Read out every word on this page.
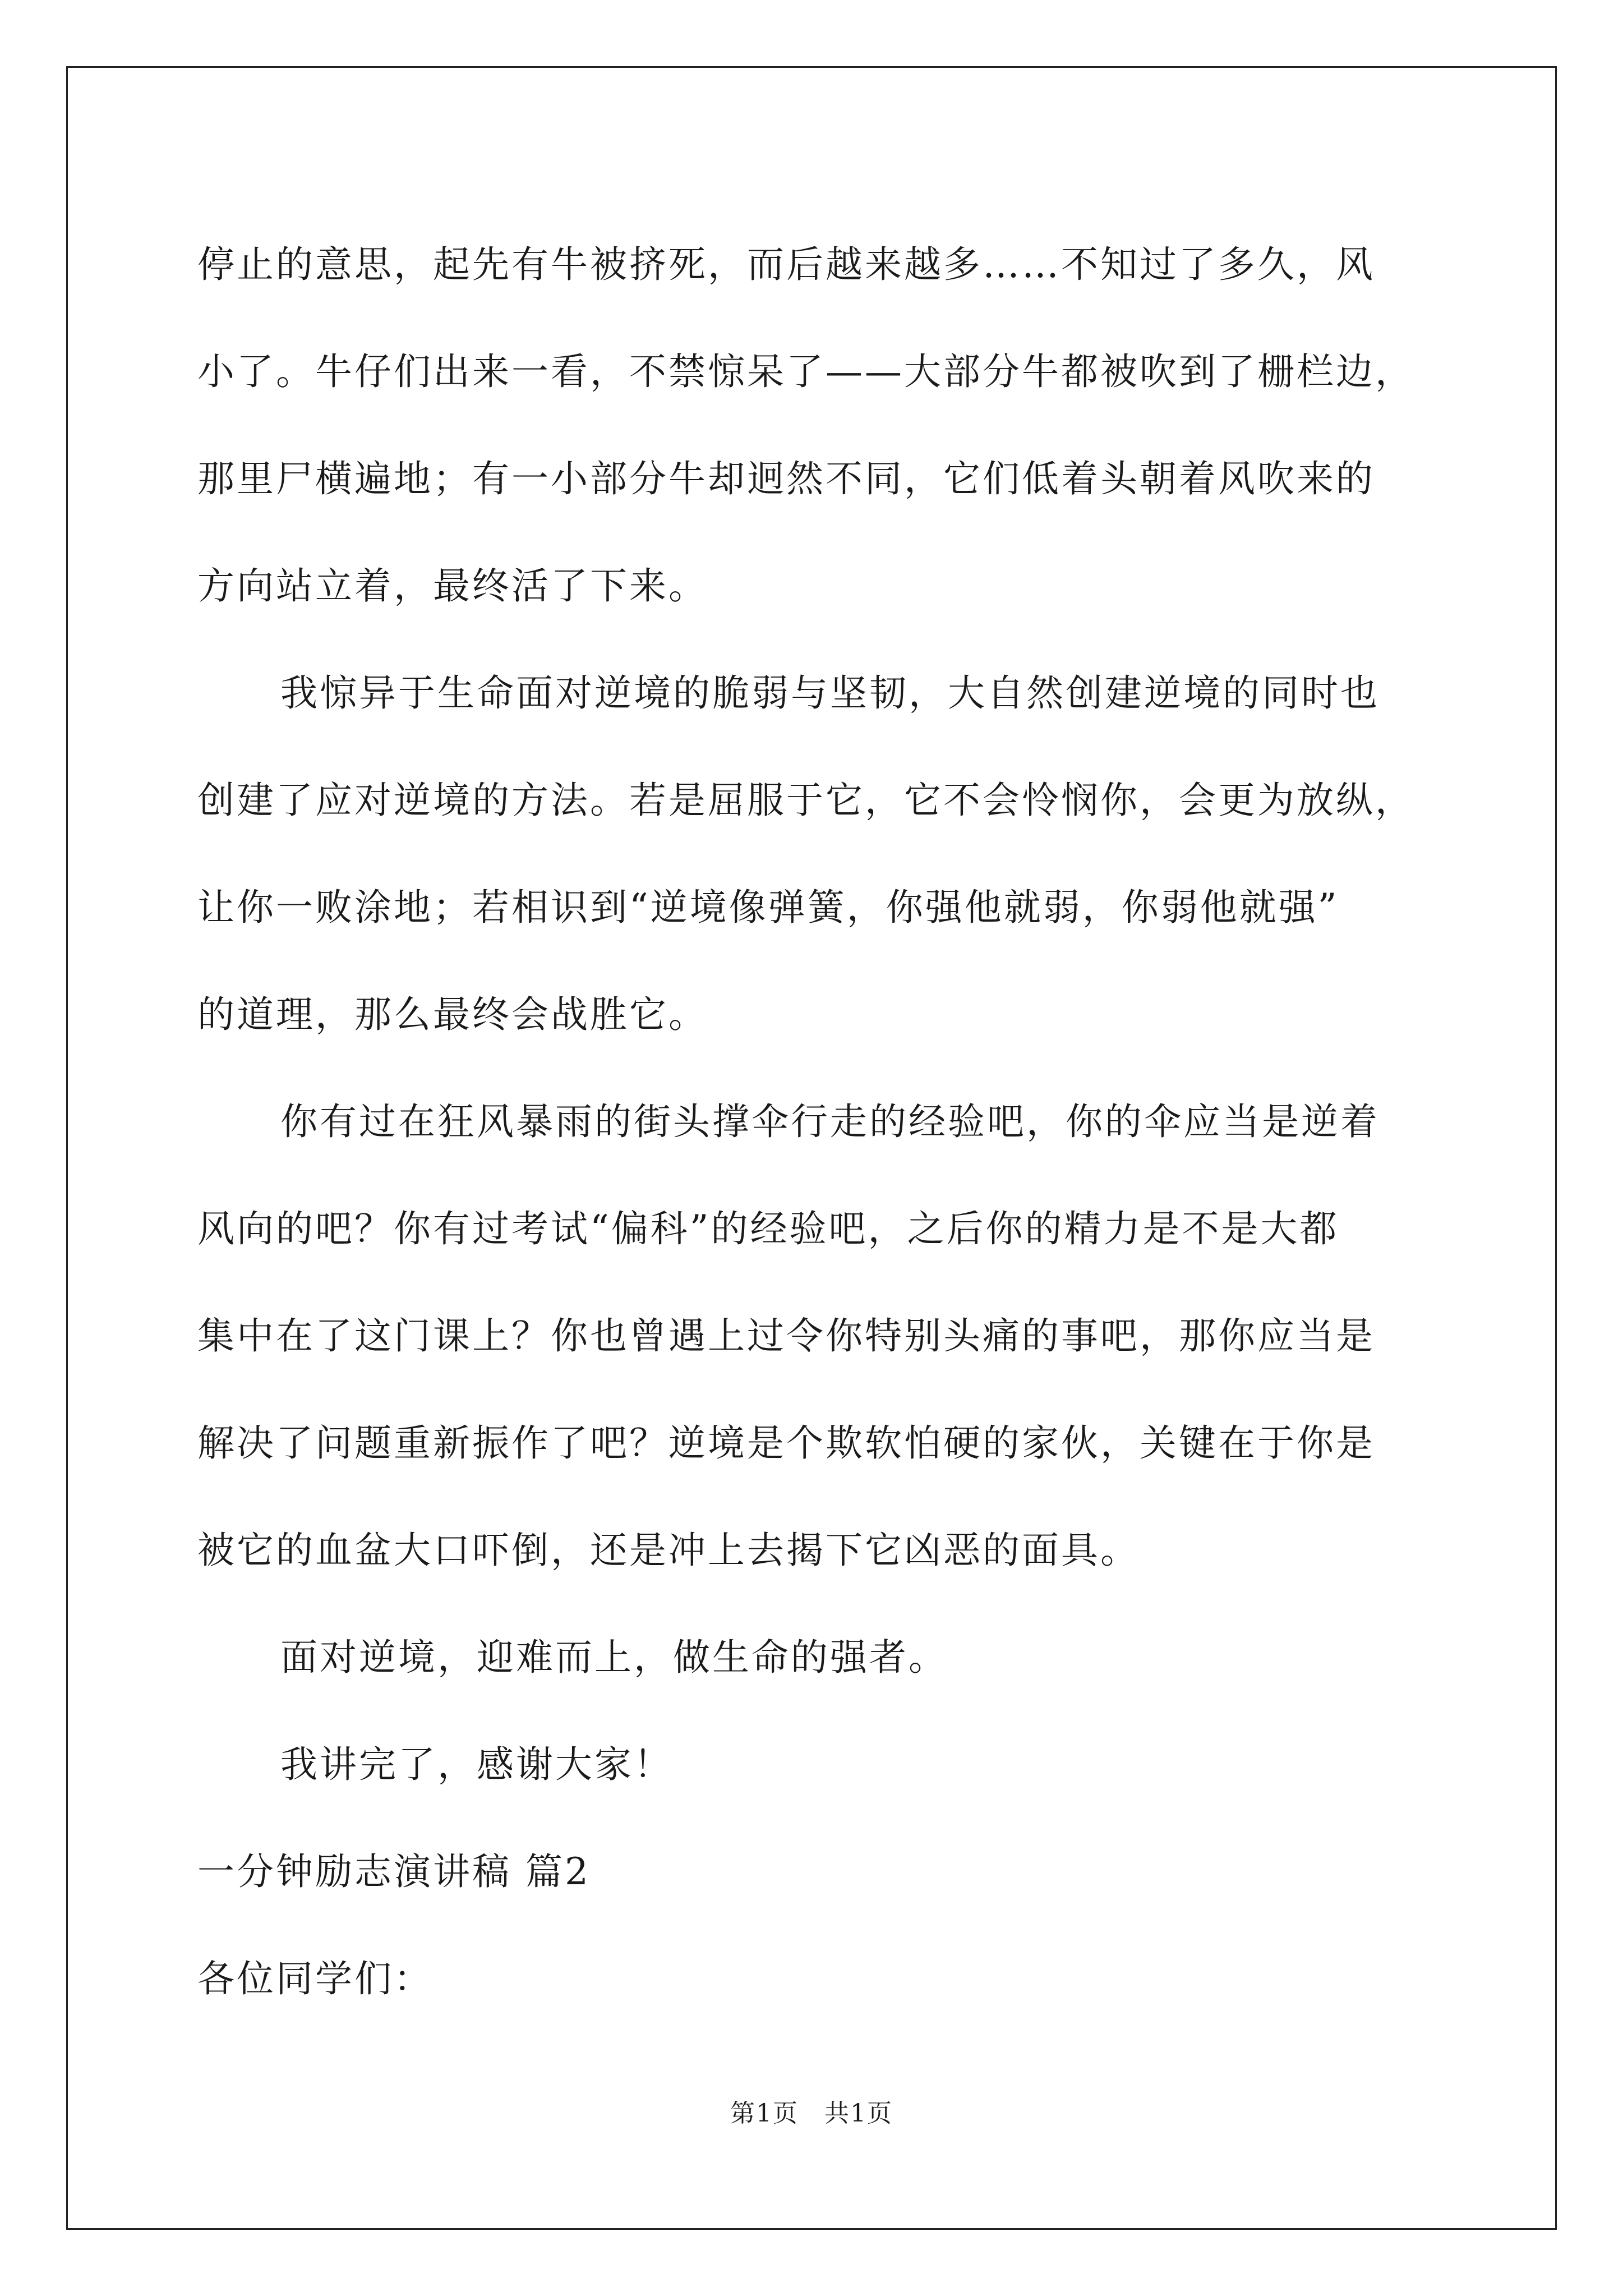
停止的意思，起先有牛被挤死，而后越来越多……不知过了多久，风
小了。牛仔们出来一看，不禁惊呆了——大部分牛都被吹到了栅栏边，
那里尸横遍地；有一小部分牛却迥然不同，它们低着头朝着风吹来的
方向站立着，最终活了下来。
我惊异于生命面对逆境的脆弱与坚韧，大自然创建逆境的同时也
创建了应对逆境的方法。若是屈服于它，它不会怜悯你，会更为放纵，
让你一败涂地；若相识到“逆境像弹簧，你强他就弱，你弱他就强”
的道理，那么最终会战胜它。
你有过在狂风暴雨的街头撑伞行走的经验吧，你的伞应当是逆着
风向的吧？你有过考试“偏科”的经验吧，之后你的精力是不是大都
集中在了这门课上？你也曾遇上过令你特别头痛的事吧，那你应当是
解决了问题重新振作了吧？逆境是个欺软怕硬的家伙，关键在于你是
被它的血盆大口吓倒，还是冲上去揭下它凶恶的面具。
面对逆境，迎难而上，做生命的强者。
我讲完了，感谢大家！
一分钟励志演讲稿 篇2
各位同学们：
第1页　共1页
